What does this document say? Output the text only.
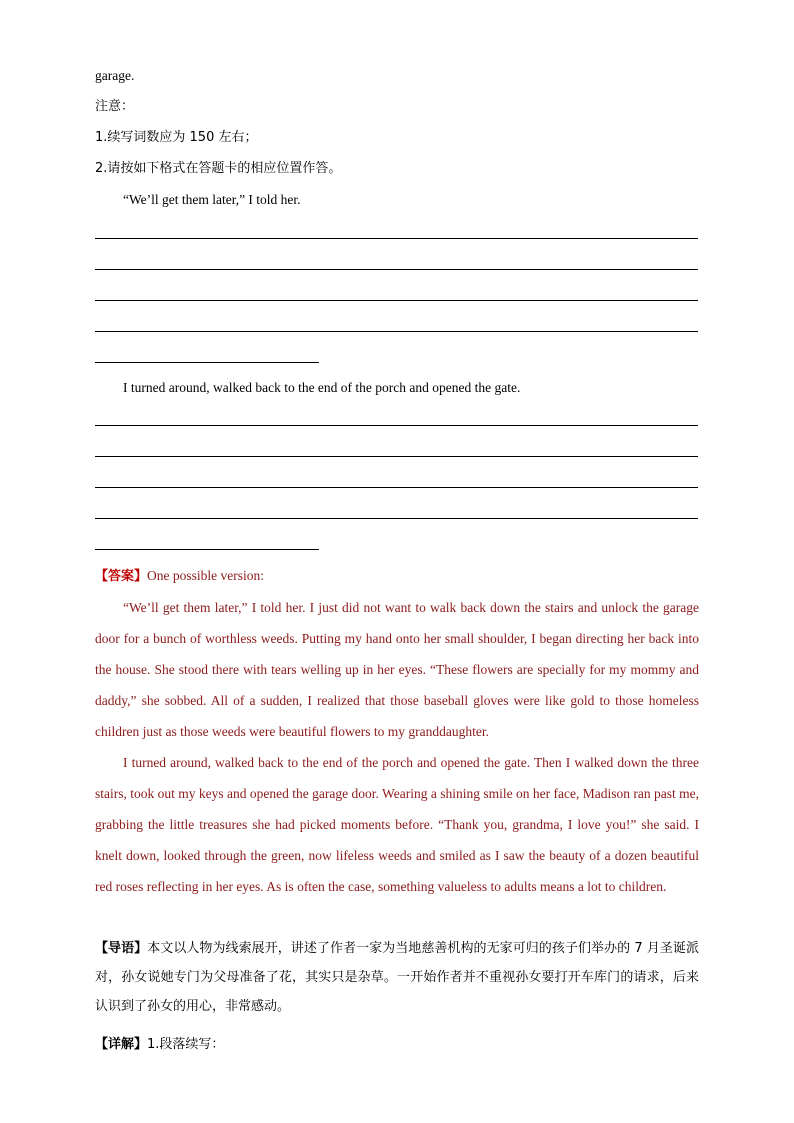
garage.
注意：
1.续写词数应为 150 左右；
2.请按如下格式在答题卡的相应位置作答。
“We’ll get them later,” I told her.
I turned around, walked back to the end of the porch and opened the gate.
【答案】One possible version:

“We’ll get them later,” I told her. I just did not want to walk back down the stairs and unlock the garage door for a bunch of worthless weeds. Putting my hand onto her small shoulder, I began directing her back into the house. She stood there with tears welling up in her eyes. “These flowers are specially for my mommy and daddy,” she sobbed. All of a sudden, I realized that those baseball gloves were like gold to those homeless children just as those weeds were beautiful flowers to my granddaughter.

I turned around, walked back to the end of the porch and opened the gate. Then I walked down the three stairs, took out my keys and opened the garage door. Wearing a shining smile on her face, Madison ran past me, grabbing the little treasures she had picked moments before. “Thank you, grandma, I love you!” she said. I knelt down, looked through the green, now lifeless weeds and smiled as I saw the beauty of a dozen beautiful red roses reflecting in her eyes. As is often the case, something valueless to adults means a lot to children.

【导语】本文以人物为线索展开，讲述了作者一家为当地慈善机构的无家可归的孩子们举办的 7 月圣诞派对，孙女说她专门为父母准备了花，其实只是杂草。一开始作者并不重视孙女要打开车库门的请求，后来认识到了孙女的用心，非常感动。
【详解】1.段落续写：
